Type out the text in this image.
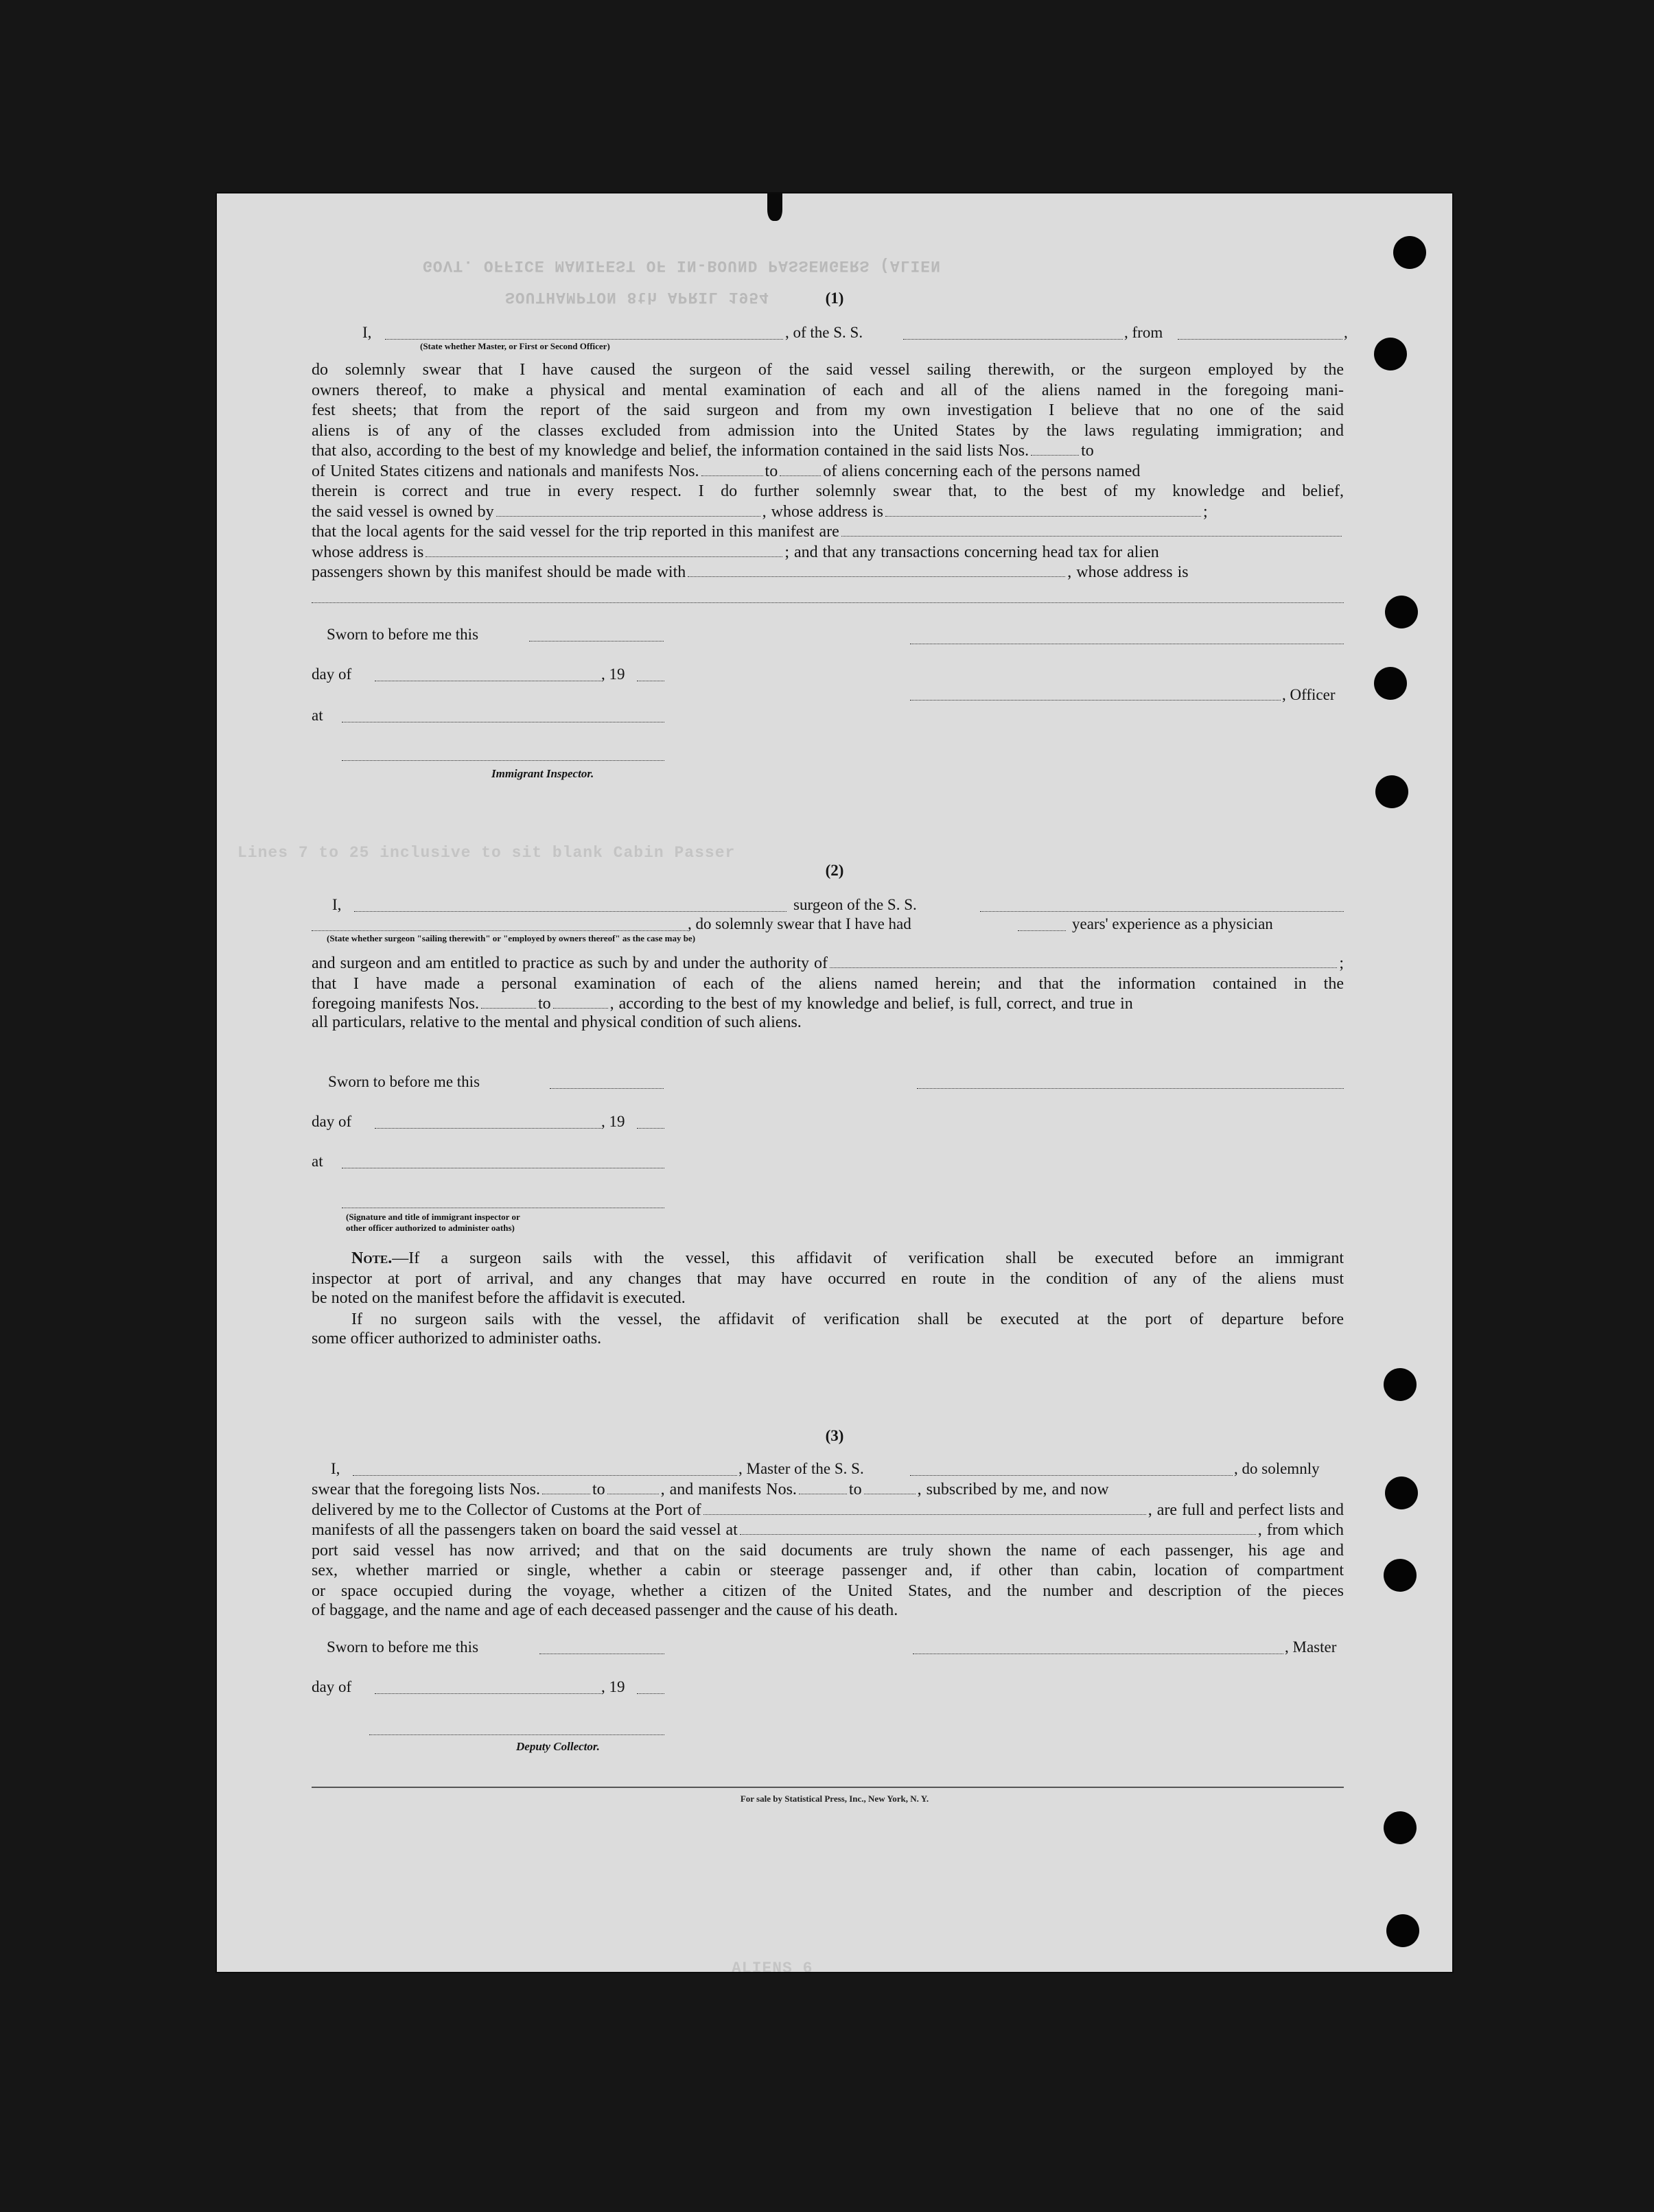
GOVT. OFFICE MANIFEST OF IN-BOUND PASSENGERS (ALIEN
SOUTHAMPTON 8th APRIL 1954
Lines 7 to 25 inclusive to sit blank Cabin Passer
ALIENS 6
(1)
I,
(State whether Master, or First or Second Officer)
, of the S. S.	, from	,
do solemnly swear that I have caused the surgeon of the said vessel sailing therewith, or the surgeon employed by the
owners thereof, to make a physical and mental examination of each and all of the aliens named in the foregoing mani-
fest sheets; that from the report of the said surgeon and from my own investigation I believe that no one of the said
aliens is of any of the classes excluded from admission into the United States by the laws regulating immigration; and
that also, according to the best of my knowledge and belief, the information contained in the said lists Nos.	to
of United States citizens and nationals and manifests Nos.	to	of aliens concerning each of the persons named
therein is correct and true in every respect. I do further solemnly swear that, to the best of my knowledge and belief,
the said vessel is owned by	, whose address is	;
that the local agents for the said vessel for the trip reported in this manifest are
whose address is	; and that any transactions concerning head tax for alien
passengers shown by this manifest should be made with	, whose address is
Sworn to before me this
day of	, 19
, Officer
at
Immigrant Inspector.
(2)
I,	surgeon of the S. S.
(State whether surgeon "sailing therewith" or "employed by owners thereof" as the case may be)
, do solemnly swear that I have had	years' experience as a physician
and surgeon and am entitled to practice as such by and under the authority of	;
that I have made a personal examination of each of the aliens named herein; and that the information contained in the
foregoing manifests Nos.	to	, according to the best of my knowledge and belief, is full, correct, and true in
all particulars, relative to the mental and physical condition of such aliens.
Sworn to before me this
day of	, 19
at
(Signature and title of immigrant inspector or
other officer authorized to administer oaths)
Note.—If a surgeon sails with the vessel, this affidavit of verification shall be executed before an immigrant
inspector at port of arrival, and any changes that may have occurred en route in the condition of any of the aliens must
be noted on the manifest before the affidavit is executed.
If no surgeon sails with the vessel, the affidavit of verification shall be executed at the port of departure before
some officer authorized to administer oaths.
(3)
I,	, Master of the S. S.	, do solemnly
swear that the foregoing lists Nos.	to	, and manifests Nos.	to	, subscribed by me, and now
delivered by me to the Collector of Customs at the Port of	, are full and perfect lists and
manifests of all the passengers taken on board the said vessel at	, from which
port said vessel has now arrived; and that on the said documents are truly shown the name of each passenger, his age and
sex, whether married or single, whether a cabin or steerage passenger and, if other than cabin, location of compartment
or space occupied during the voyage, whether a citizen of the United States, and the number and description of the pieces
of baggage, and the name and age of each deceased passenger and the cause of his death.
Sworn to before me this	, Master
day of	, 19
Deputy Collector.
For sale by Statistical Press, Inc., New York, N. Y.
